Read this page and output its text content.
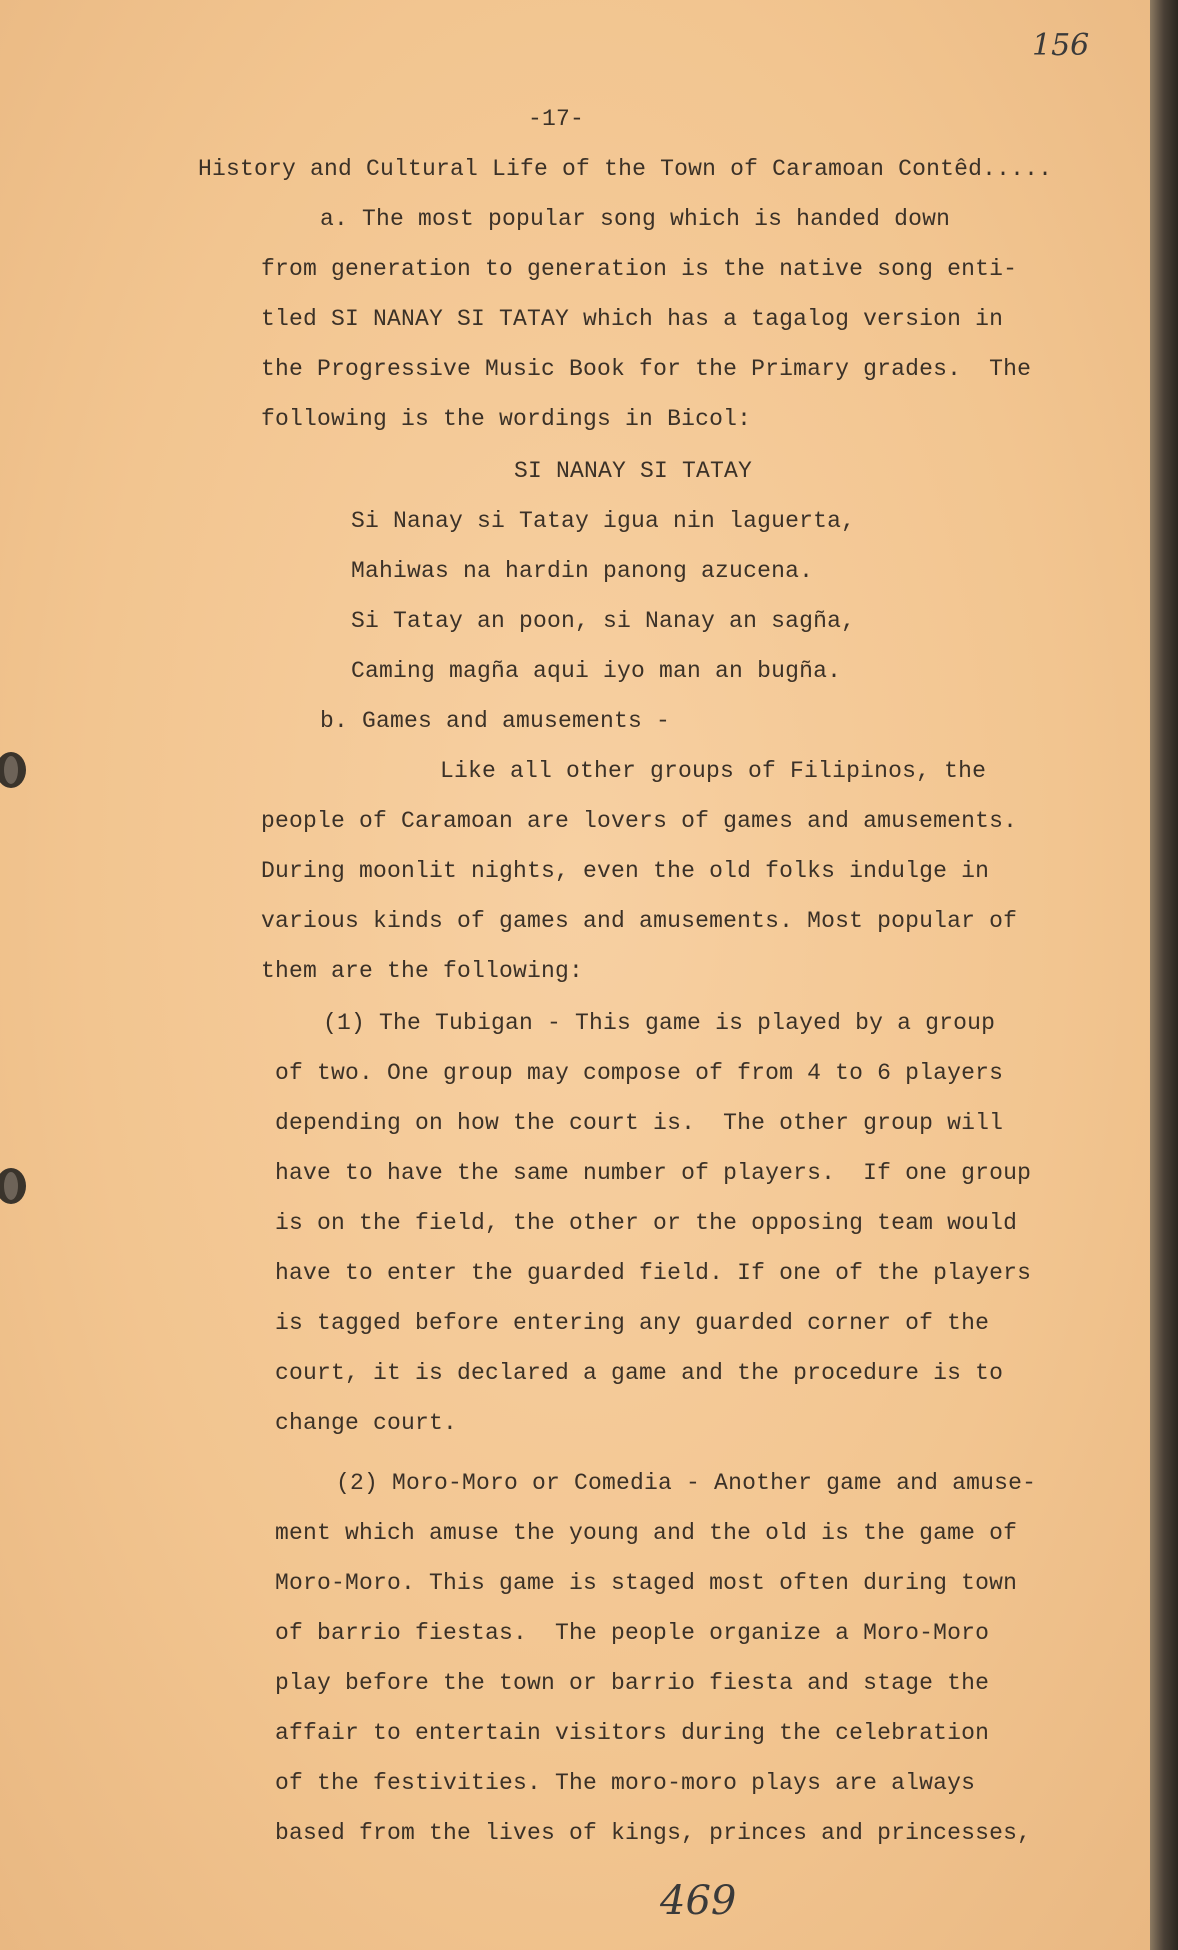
156

-17-

History and Cultural Life of the Town of Caramoan Contêd.....

a. The most popular song which is handed down

from generation to generation is the native song enti-

tled SI NANAY SI TATAY which has a tagalog version in

the Progressive Music Book for the Primary grades.  The

following is the wordings in Bicol:

SI NANAY SI TATAY

Si Nanay si Tatay igua nin laguerta,

Mahiwas na hardin panong azucena.

Si Tatay an poon, si Nanay an sagña,

Caming magña aqui iyo man an bugña.

b. Games and amusements -

Like all other groups of Filipinos, the

people of Caramoan are lovers of games and amusements.

During moonlit nights, even the old folks indulge in

various kinds of games and amusements. Most popular of

them are the following:

(1) The Tubigan - This game is played by a group

of two. One group may compose of from 4 to 6 players

depending on how the court is.  The other group will

have to have the same number of players.  If one group

is on the field, the other or the opposing team would

have to enter the guarded field. If one of the players

is tagged before entering any guarded corner of the

court, it is declared a game and the procedure is to

change court.

(2) Moro-Moro or Comedia - Another game and amuse-

ment which amuse the young and the old is the game of

Moro-Moro. This game is staged most often during town

of barrio fiestas.  The people organize a Moro-Moro

play before the town or barrio fiesta and stage the

affair to entertain visitors during the celebration

of the festivities. The moro-moro plays are always

based from the lives of kings, princes and princesses,

469
